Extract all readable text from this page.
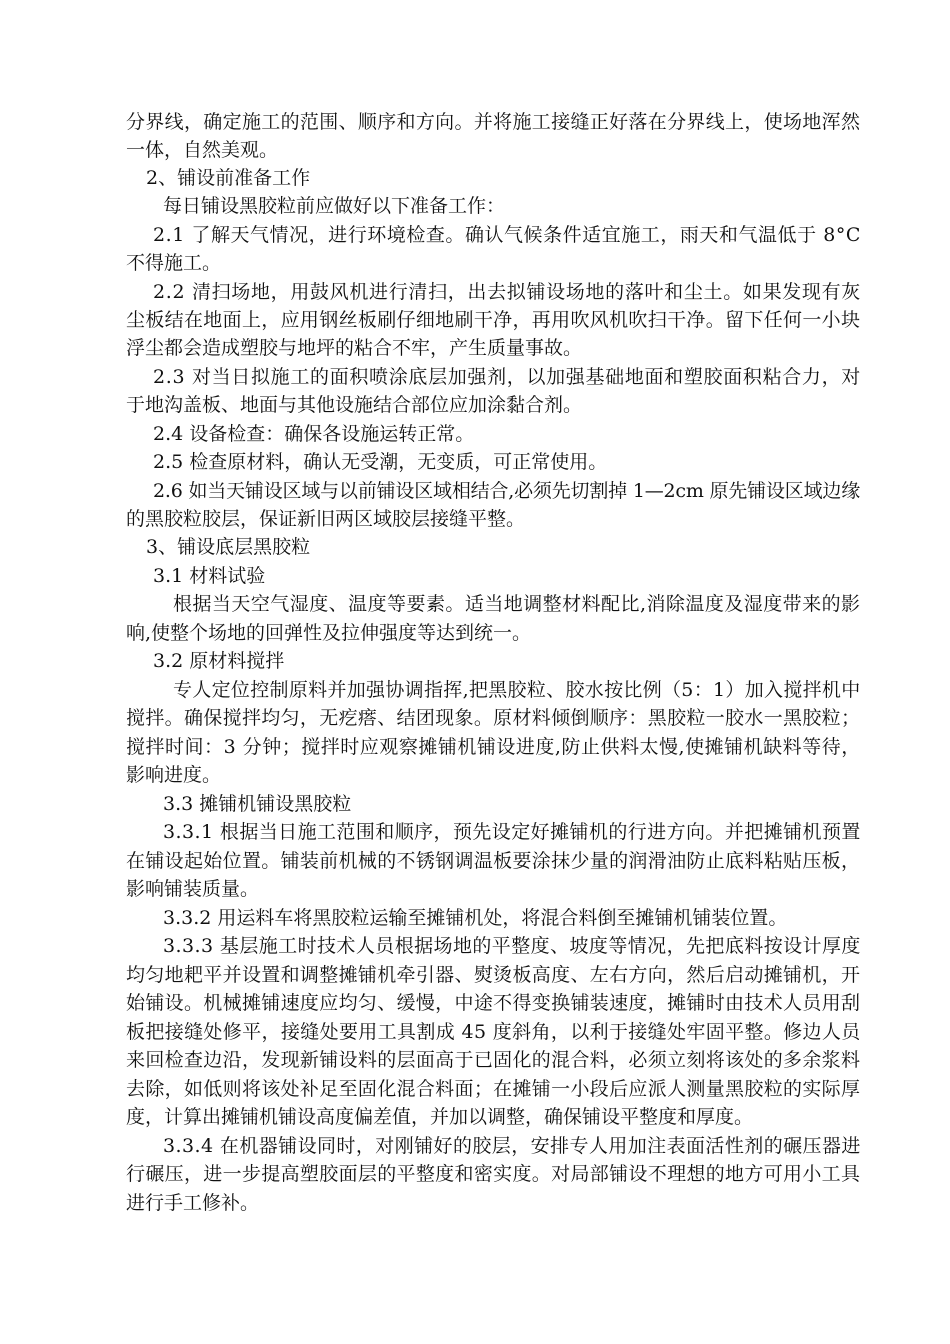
分界线，确定施工的范围、顺序和方向。并将施工接缝正好落在分界线上，使场地浑然
一体，自然美观。
2、铺设前准备工作
每日铺设黑胶粒前应做好以下准备工作：
2.1 了解天气情况，进行环境检查。确认气候条件适宜施工，雨天和气温低于 8°C
不得施工。
2.2 清扫场地，用鼓风机进行清扫，出去拟铺设场地的落叶和尘土。如果发现有灰
尘板结在地面上，应用钢丝板刷仔细地刷干净，再用吹风机吹扫干净。留下任何一小块
浮尘都会造成塑胶与地坪的粘合不牢，产生质量事故。
2.3 对当日拟施工的面积喷涂底层加强剂，以加强基础地面和塑胶面积粘合力，对
于地沟盖板、地面与其他设施结合部位应加涂黏合剂。
2.4 设备检查：确保各设施运转正常。
2.5 检查原材料，确认无受潮，无变质，可正常使用。
2.6 如当天铺设区域与以前铺设区域相结合,必须先切割掉 1—2cm 原先铺设区域边缘
的黑胶粒胶层，保证新旧两区域胶层接缝平整。
3、铺设底层黑胶粒
3.1 材料试验
根据当天空气湿度、温度等要素。适当地调整材料配比,消除温度及湿度带来的影
响,使整个场地的回弹性及拉伸强度等达到统一。
3.2 原材料搅拌
专人定位控制原料并加强协调指挥,把黑胶粒、胶水按比例（5：1）加入搅拌机中
搅拌。确保搅拌均匀，无疙瘩、结团现象。原材料倾倒顺序：黑胶粒一胶水一黑胶粒；
搅拌时间：3 分钟；搅拌时应观察摊铺机铺设进度,防止供料太慢,使摊铺机缺料等待，
影响进度。
3.3 摊铺机铺设黑胶粒
3.3.1 根据当日施工范围和顺序，预先设定好摊铺机的行进方向。并把摊铺机预置
在铺设起始位置。铺装前机械的不锈钢调温板要涂抹少量的润滑油防止底料粘贴压板，
影响铺装质量。
3.3.2 用运料车将黑胶粒运输至摊铺机处，将混合料倒至摊铺机铺装位置。
3.3.3 基层施工时技术人员根据场地的平整度、坡度等情况，先把底料按设计厚度
均匀地耙平并设置和调整摊铺机牵引器、熨烫板高度、左右方向，然后启动摊铺机，开
始铺设。机械摊铺速度应均匀、缓慢，中途不得变换铺装速度，摊铺时由技术人员用刮
板把接缝处修平，接缝处要用工具割成 45 度斜角，以利于接缝处牢固平整。修边人员
来回检查边沿，发现新铺设料的层面高于已固化的混合料，必须立刻将该处的多余浆料
去除，如低则将该处补足至固化混合料面；在摊铺一小段后应派人测量黑胶粒的实际厚
度，计算出摊铺机铺设高度偏差值，并加以调整，确保铺设平整度和厚度。
3.3.4 在机器铺设同时，对刚铺好的胶层，安排专人用加注表面活性剂的碾压器进
行碾压，进一步提高塑胶面层的平整度和密实度。对局部铺设不理想的地方可用小工具
进行手工修补。
